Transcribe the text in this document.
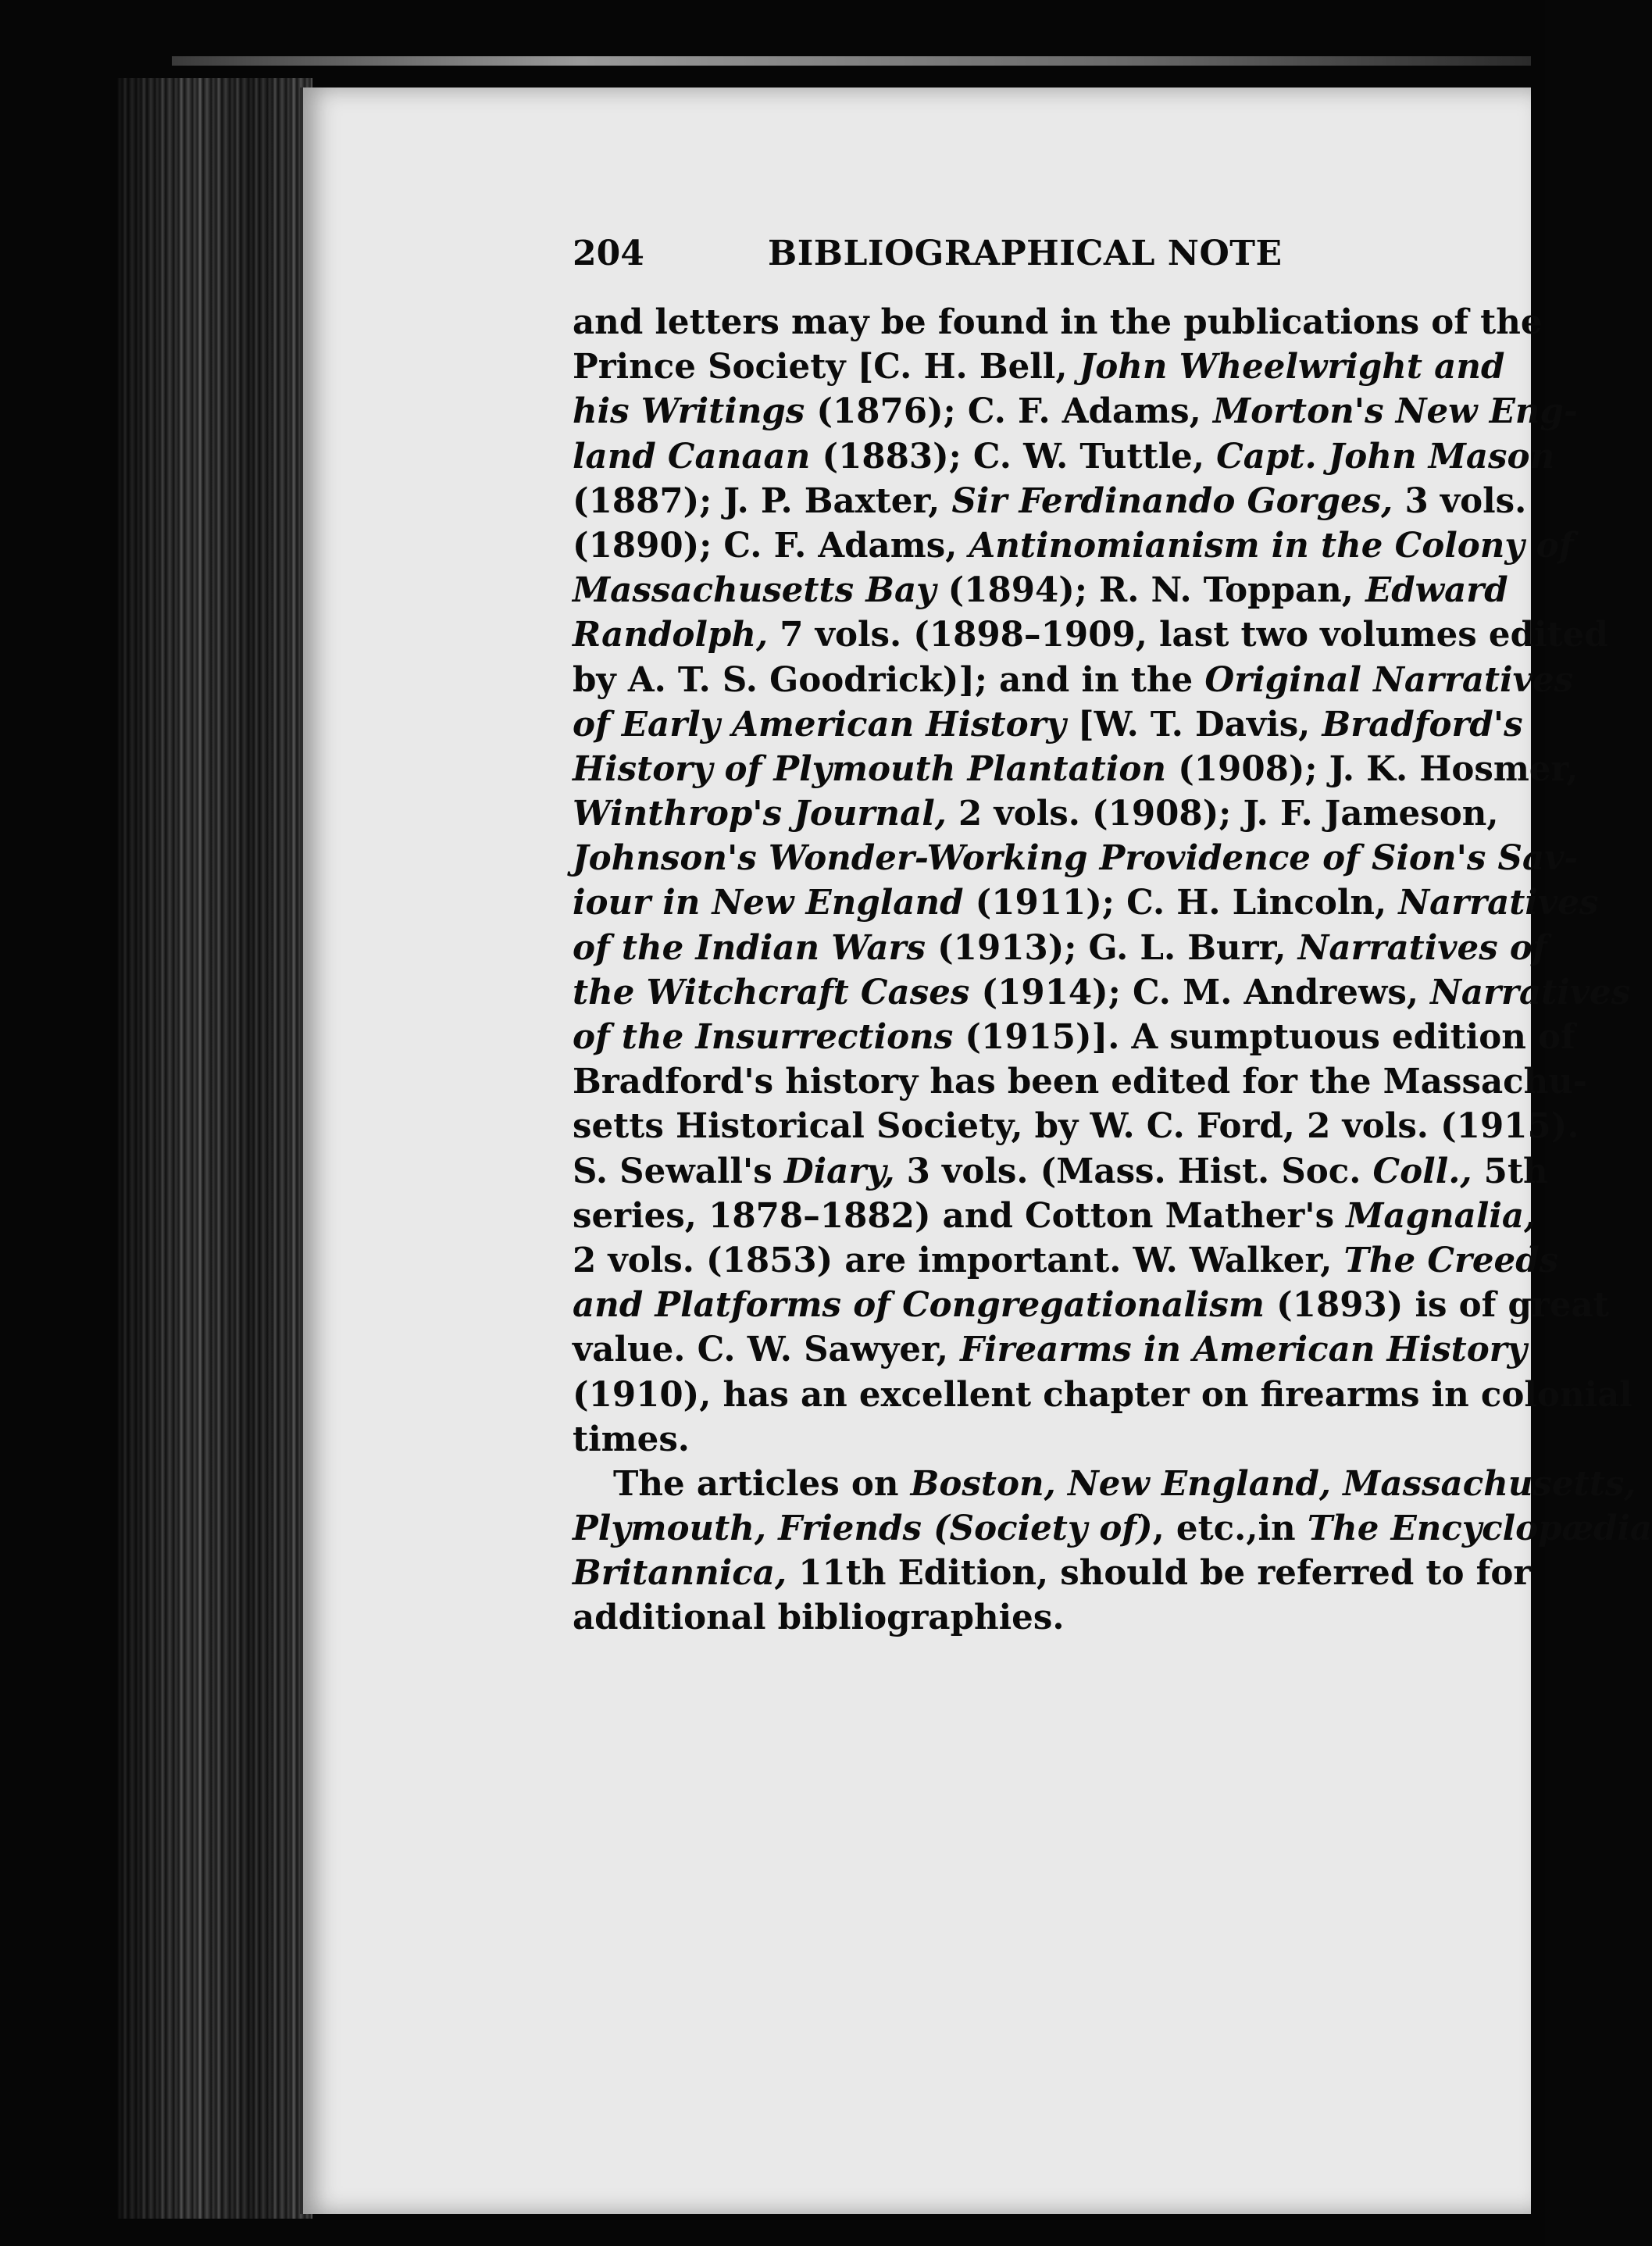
204	BIBLIOGRAPHICAL NOTE
and letters may be found in the publications of the
Prince Society [C. H. Bell, John Wheelwright and
his Writings (1876); C. F. Adams, Morton's New Eng-
land Canaan (1883); C. W. Tuttle, Capt. John Mason
(1887); J. P. Baxter, Sir Ferdinando Gorges, 3 vols.
(1890); C. F. Adams, Antinomianism in the Colony of
Massachusetts Bay (1894); R. N. Toppan, Edward
Randolph, 7 vols. (1898–1909, last two volumes edited
by A. T. S. Goodrick)]; and in the Original Narratives
of Early American History [W. T. Davis, Bradford's
History of Plymouth Plantation (1908); J. K. Hosmer,
Winthrop's Journal, 2 vols. (1908); J. F. Jameson,
Johnson's Wonder-Working Providence of Sion's Sav-
iour in New England (1911); C. H. Lincoln, Narratives
of the Indian Wars (1913); G. L. Burr, Narratives of
the Witchcraft Cases (1914); C. M. Andrews, Narratives
of the Insurrections (1915)]. A sumptuous edition of
Bradford's history has been edited for the Massachu-
setts Historical Society, by W. C. Ford, 2 vols. (1915).
S. Sewall's Diary, 3 vols. (Mass. Hist. Soc. Coll., 5th
series, 1878–1882) and Cotton Mather's Magnalia,
2 vols. (1853) are important. W. Walker, The Creeds
and Platforms of Congregationalism (1893) is of great
value. C. W. Sawyer, Firearms in American History
(1910), has an excellent chapter on firearms in colonial
times.
The articles on Boston, New England, Massachusetts,
Plymouth, Friends (Society of), etc.,in The Encyclopædia
Britannica, 11th Edition, should be referred to for
additional bibliographies.
